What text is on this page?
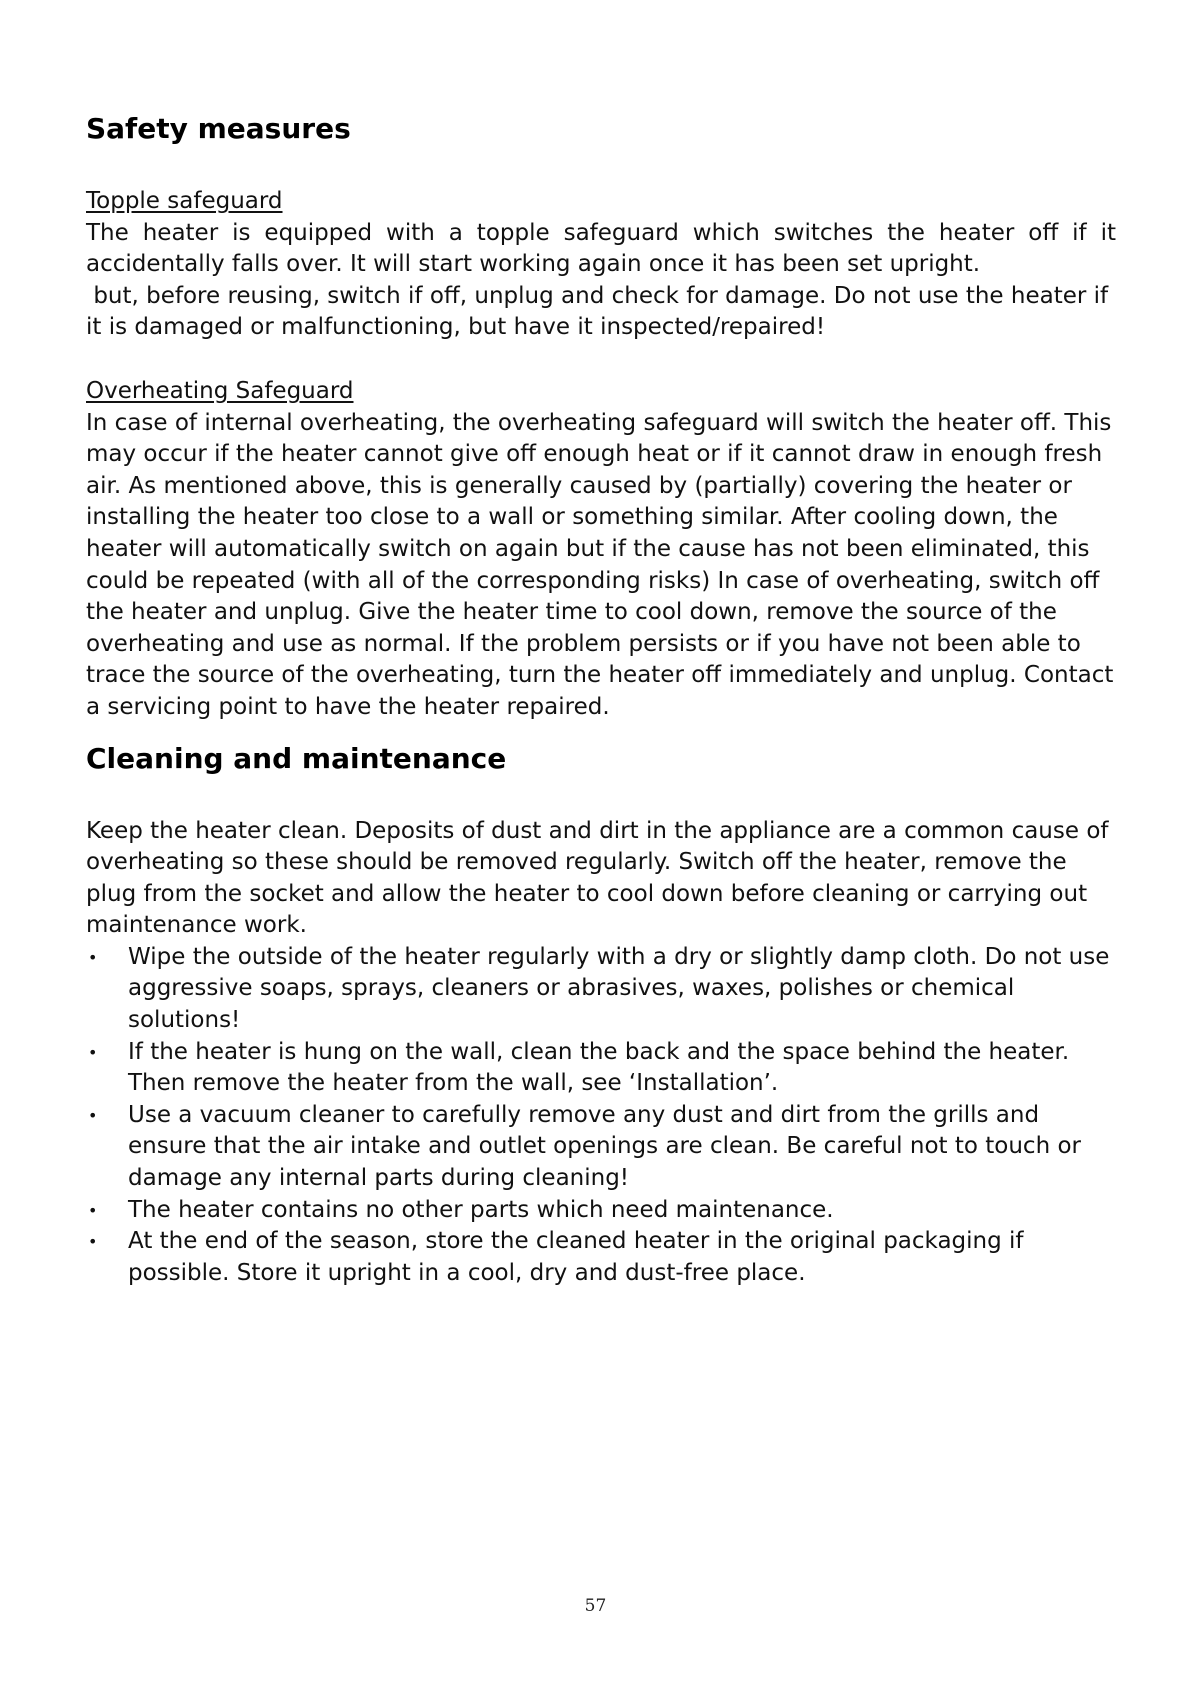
Safety measures

Topple safeguard

The heater is equipped with a topple safeguard which switches the heater off if it accidentally falls over. It will start working again once it has been set upright.

but, before reusing, switch if off, unplug and check for damage. Do not use the heater if it is damaged or malfunctioning, but have it inspected/repaired!

Overheating Safeguard

In case of internal overheating, the overheating safeguard will switch the heater off. This may occur if the heater cannot give off enough heat or if it cannot draw in enough fresh air. As mentioned above, this is generally caused by (partially) covering the heater or installing the heater too close to a wall or something similar. After cooling down, the heater will automatically switch on again but if the cause has not been eliminated, this could be repeated (with all of the corresponding risks) In case of overheating, switch off the heater and unplug. Give the heater time to cool down, remove the source of the overheating and use as normal. If the problem persists or if you have not been able to trace the source of the overheating, turn the heater off immediately and unplug. Contact a servicing point to have the heater repaired.

Cleaning and maintenance

Keep the heater clean. Deposits of dust and dirt in the appliance are a common cause of overheating so these should be removed regularly. Switch off the heater, remove the plug from the socket and allow the heater to cool down before cleaning or carrying out maintenance work.

• Wipe the outside of the heater regularly with a dry or slightly damp cloth. Do not use aggressive soaps, sprays, cleaners or abrasives, waxes, polishes or chemical solutions!
• If the heater is hung on the wall, clean the back and the space behind the heater. Then remove the heater from the wall, see ‘Installation’.
• Use a vacuum cleaner to carefully remove any dust and dirt from the grills and ensure that the air intake and outlet openings are clean. Be careful not to touch or damage any internal parts during cleaning!
• The heater contains no other parts which need maintenance.
• At the end of the season, store the cleaned heater in the original packaging if possible. Store it upright in a cool, dry and dust-free place.
57
